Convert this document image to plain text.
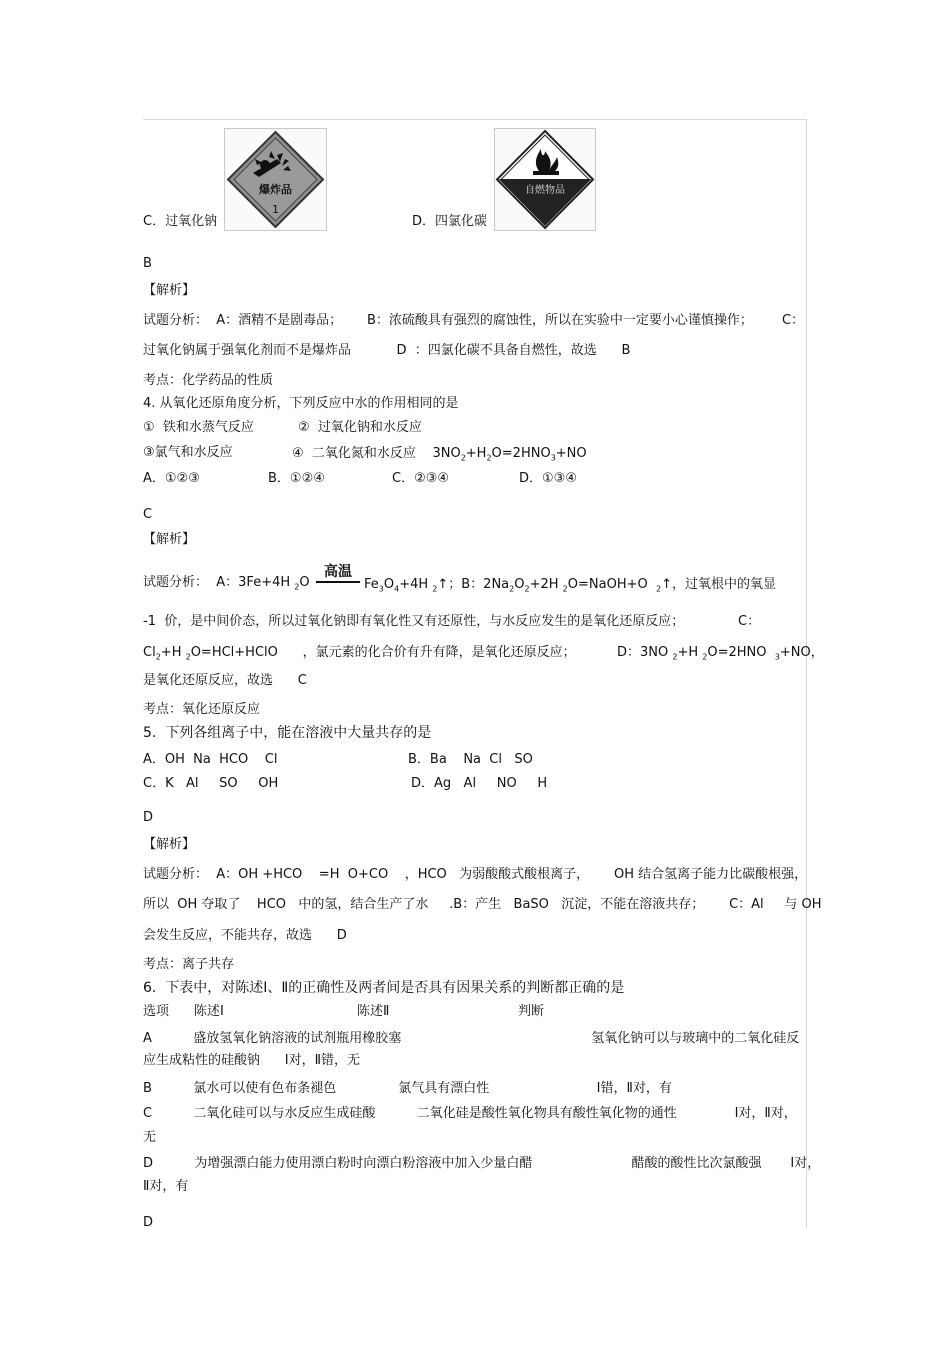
C．过氧化钠
爆炸品
1
D．四氯化碳
自燃物品
B
【解析】
试题分析：  A：酒精不是剧毒品；      B：浓硫酸具有强烈的腐蚀性，所以在实验中一定要小心谨慎操作； C：
过氧化钠属于强氧化剂而不是爆炸品           D  ：四氯化碳不具备自燃性，故选      B
考点：化学药品的性质
4. 从氧化还原角度分析，下列反应中水的作用相同的是
①  铁和水蒸气反应	②  过氧化钠和水反应
③氯气和水反应	④  二氧化氮和水反应    $3NO_2+H_2O=2HNO_3+NO$
A．①②③	B．①②④	C．②③④	D．①③④
C
【解析】
试题分析：  A：3Fe+4H $_2$O
高温
$Fe_3O_4+4H$ $_2$↑；B：$2Na_2O_2+2H$ $_2$O=NaOH+O $_2$↑，过氧根中的氧显
-1  价，是中间价态，所以过氧化钠即有氧化性又有还原性，与水反应发生的是氧化还原反应；	C：
$Cl_2+H$ $_2$O=HCl+HClO      ，氯元素的化合价有升有降，是氧化还原反应；          D：3NO $_2$+H $_2$O=2HNO $_3$+NO，
是氧化还原反应，故选      C
考点：氧化还原反应
5.  下列各组离子中，能在溶液中大量共存的是
A．OH  Na  HCO    Cl	B．Ba    Na  Cl   SO
C．K   Al     SO     OH	D．Ag   Al     NO     H
D
【解析】
试题分析：  A：OH +HCO    =H  O+CO    ，HCO   为弱酸酸式酸根离子，      OH 结合氢离子能力比碳酸根强，
所以  OH 夺取了    HCO   中的氢，结合生产了水     .B：产生   BaSO   沉淀，不能在溶液共存；      C：Al     与 OH
会发生反应，不能共存，故选      D
考点：离子共存
6.  下表中，对陈述Ⅰ、Ⅱ的正确性及两者间是否具有因果关系的判断都正确的是
选项 陈述Ⅰ	陈述Ⅱ	判断
A          盛放氢氧化钠溶液的试剂瓶用橡胶塞                                              氢氧化钠可以与玻璃中的二氧化硅反
应生成粘性的硅酸钠      Ⅰ对，Ⅱ错，无
B          氯水可以使有色布条褪色               氯气具有漂白性                          Ⅰ错，Ⅱ对，有
C          二氧化硅可以与水反应生成硅酸          二氧化硅是酸性氧化物具有酸性氧化物的通性              Ⅰ对，Ⅱ对，
无
D          为增强漂白能力使用漂白粉时向漂白粉溶液中加入少量白醋                        醋酸的酸性比次氯酸强       Ⅰ对，
Ⅱ对，有
D
